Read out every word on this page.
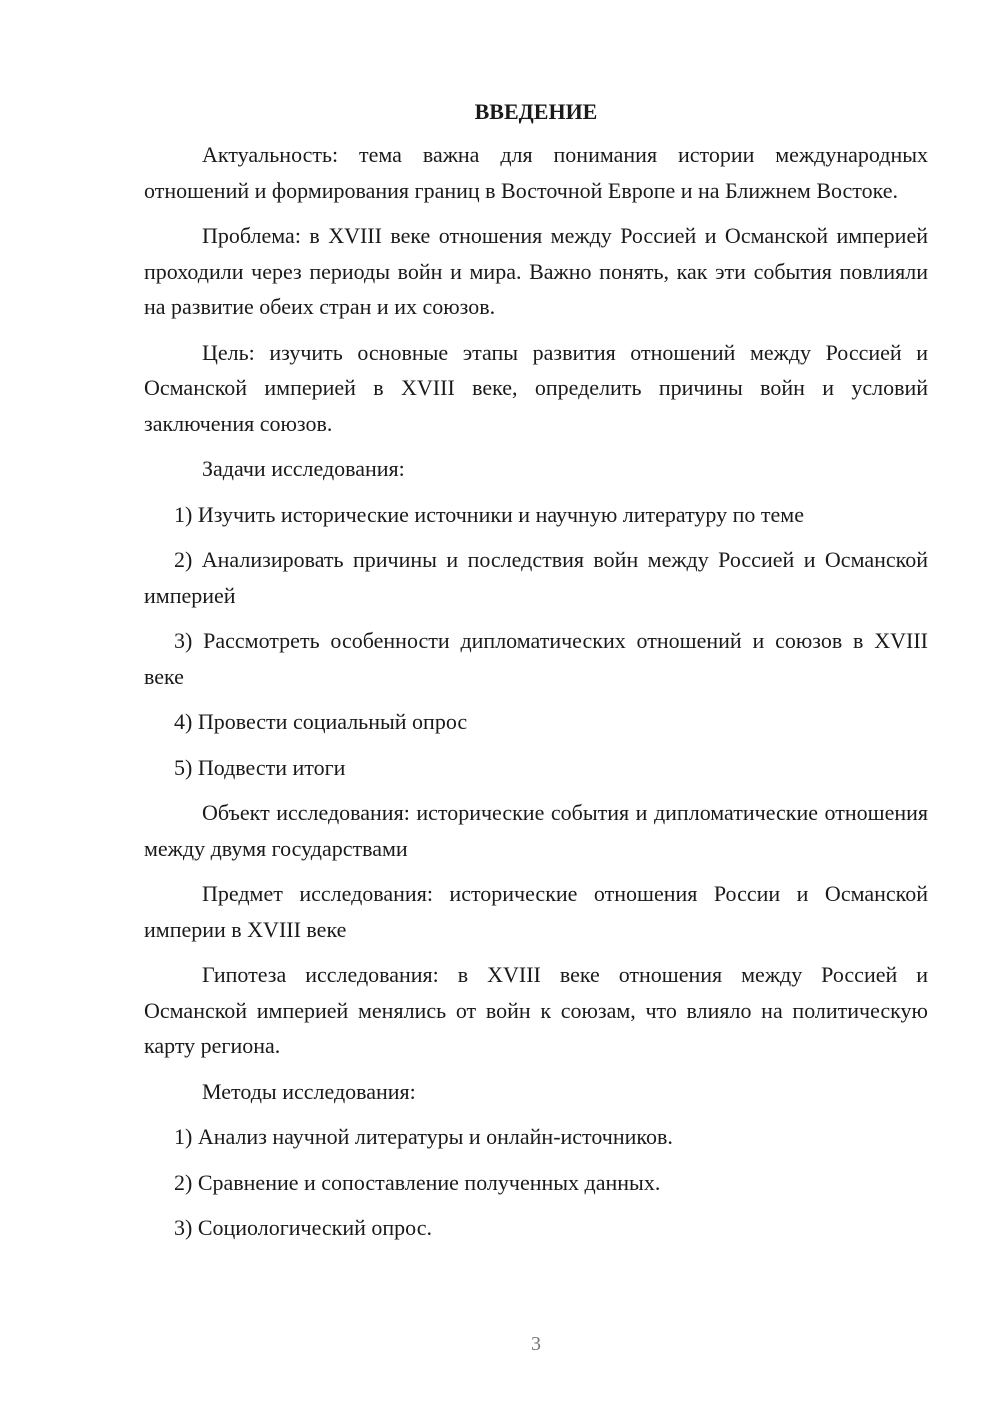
ВВЕДЕНИЕ

Актуальность: тема важна для понимания истории международных отношений и формирования границ в Восточной Европе и на Ближнем Востоке.

Проблема: в XVIII веке отношения между Россией и Османской империей проходили через периоды войн и мира. Важно понять, как эти события повлияли на развитие обеих стран и их союзов.

Цель: изучить основные этапы развития отношений между Россией и Османской империей в XVIII веке, определить причины войн и условий заключения союзов.

Задачи исследования:

1) Изучить исторические источники и научную литературу по теме

2) Анализировать причины и последствия войн между Россией и Османской империей

3) Рассмотреть особенности дипломатических отношений и союзов в XVIII веке

4) Провести социальный опрос

5) Подвести итоги

Объект исследования: исторические события и дипломатические отношения между двумя государствами

Предмет исследования: исторические отношения России и Османской империи в XVIII веке

Гипотеза исследования: в XVIII веке отношения между Россией и Османской империей менялись от войн к союзам, что влияло на политическую карту региона.

Методы исследования:

1) Анализ научной литературы и онлайн-источников.

2) Сравнение и сопоставление полученных данных.

3) Социологический опрос.

3
